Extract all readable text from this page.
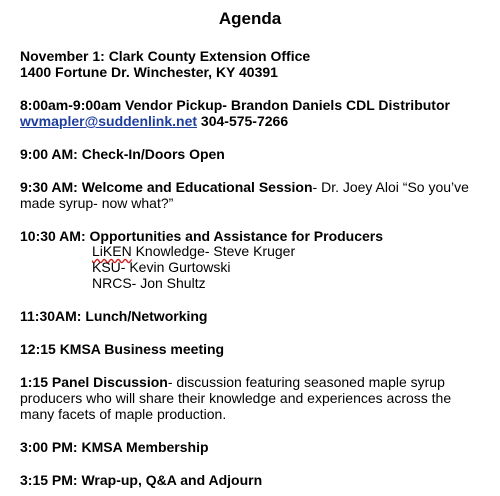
Agenda
November 1: Clark County Extension Office
1400 Fortune Dr. Winchester, KY 40391
8:00am-9:00am Vendor Pickup- Brandon Daniels CDL Distributor
wvmapler@suddenlink.net 304-575-7266
9:00 AM: Check-In/Doors Open
9:30 AM: Welcome and Educational Session- Dr. Joey Aloi “So you’ve
made syrup- now what?”
10:30 AM: Opportunities and Assistance for Producers
LiKEN Knowledge- Steve Kruger
KSU- Kevin Gurtowski
NRCS- Jon Shultz
11:30AM: Lunch/Networking
12:15 KMSA Business meeting
1:15 Panel Discussion- discussion featuring seasoned maple syrup
producers who will share their knowledge and experiences across the
many facets of maple production.
3:00 PM: KMSA Membership
3:15 PM: Wrap-up, Q&A and Adjourn
